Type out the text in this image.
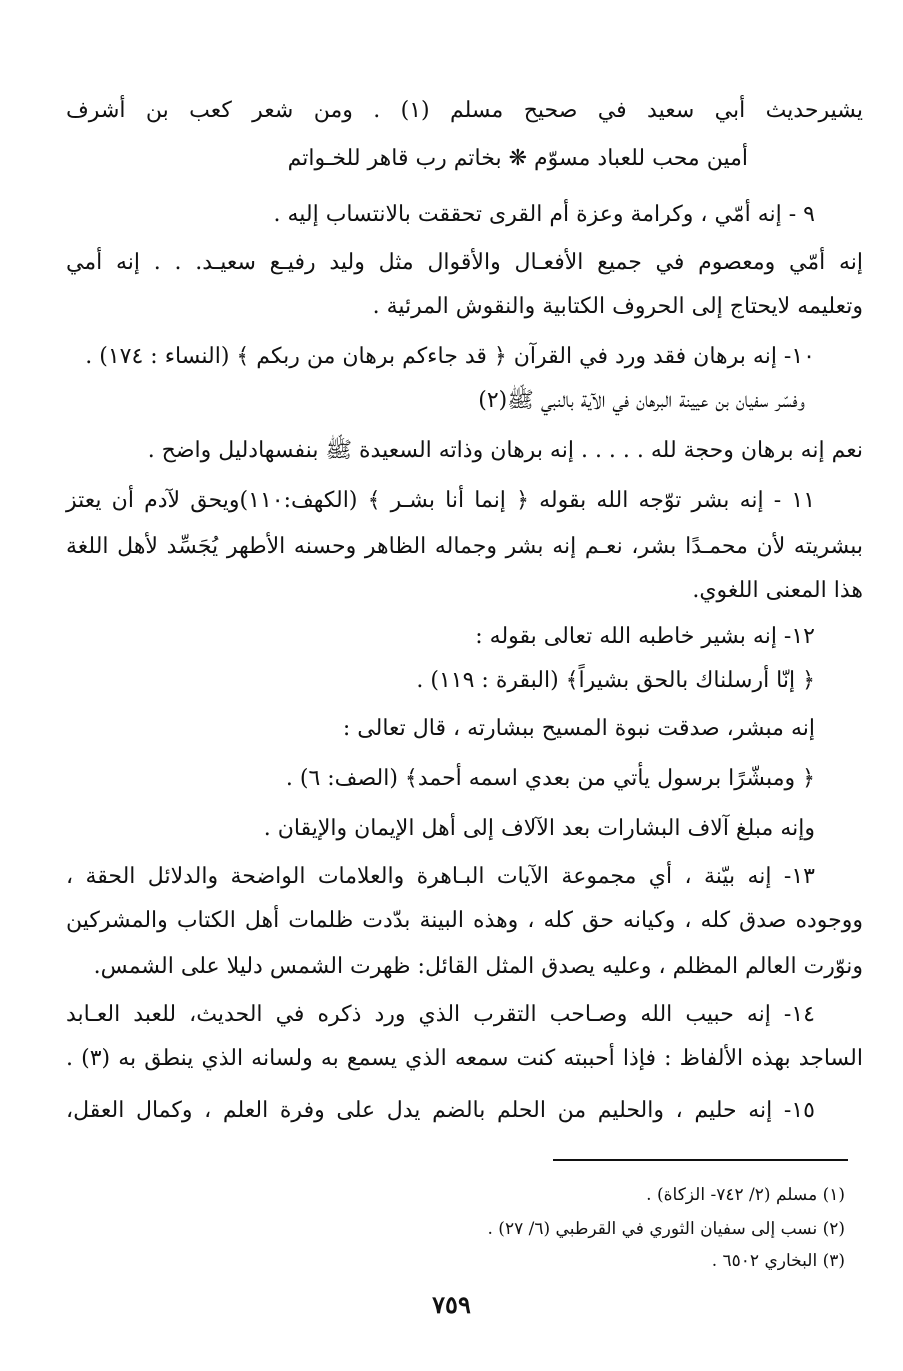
يشيرحديث أبي سعيد في صحيح مسلم (١) . ومن شعر كعب بن أشرف
أمين محب للعباد مسوّم ❋ بخاتم رب قاهر للخـواتم
٩ - إنه أمّي ، وكرامة وعزة أم القرى تحققت بالانتساب إليه .
إنه أمّي ومعصوم في جميع الأفعـال والأقوال مثل وليد رفيـع سعيـد. . . إنه أمي
وتعليمه لايحتاج إلى الحروف الكتابية والنقوش المرئية .
١٠- إنه برهان فقد ورد في القرآن ﴿ قد جاءكم برهان من ربكم ﴾ (النساء : ١٧٤) .
وفسّر سفيان بن عيينة البرهان في الآية بالنبي ﷺ(٢)
نعم إنه برهان وحجة لله . . . . . إنه برهان وذاته السعيدة ﷺ بنفسهادليل واضح .
١١ - إنه بشر توّجه الله بقوله ﴿ إنما أنا بشـر ﴾ (الكهف:١١٠)ويحق لآدم أن يعتز
ببشريته لأن محمـدًا بشر، نعـم إنه بشر وجماله الظاهر وحسنه الأطهر يُجَسِّد لأهل اللغة
هذا المعنى اللغوي.
١٢- إنه بشير خاطبه الله تعالى بقوله :
﴿ إنّا أرسلناك بالحق بشيراً﴾ (البقرة : ١١٩) .
إنه مبشر، صدقت نبوة المسيح ببشارته ، قال تعالى :
﴿ ومبشّرًا برسول يأتي من بعدي اسمه أحمد﴾ (الصف: ٦) .
وإنه مبلغ آلاف البشارات بعد الآلاف إلى أهل الإيمان والإيقان .
١٣- إنه بيّنة ، أي مجموعة الآيات البـاهرة والعلامات الواضحة والدلائل الحقة ،
ووجوده صدق كله ، وكيانه حق كله ، وهذه البينة بدّدت ظلمات أهل الكتاب والمشركين
ونوّرت العالم المظلم ، وعليه يصدق المثل القائل: ظهرت الشمس دليلا على الشمس.
١٤- إنه حبيب الله وصـاحب التقرب الذي ورد ذكره في الحديث، للعبد العـابد
الساجد بهذه الألفاظ : فإذا أحببته كنت سمعه الذي يسمع به ولسانه الذي ينطق به (٣) .
١٥- إنه حليم ، والحليم من الحلم بالضم يدل على وفرة العلم ، وكمال العقل،
(١) مسلم (٢/ ٧٤٢- الزكاة) .
(٢) نسب إلى سفيان الثوري في القرطبي (٦/ ٢٧) .
(٣) البخاري ٦٥٠٢ .
٧٥٩
